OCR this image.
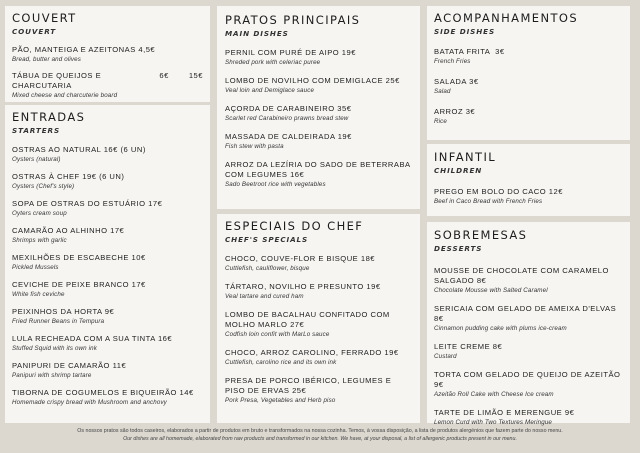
COUVERT
COUVERT
PÃO, MANTEIGA E AZEITONAS 4,5€
Bread, butter and olives
TÁBUA DE QUEIJOS E CHARCUTARIA
6€	15€
Mixed cheese and charcuterie board
ENTRADAS
STARTERS
OSTRAS AO NATURAL 16€ (6 UN)
Oysters (natural)
OSTRAS À CHEF 19€ (6 UN)
Oysters (Chef's style)
SOPA DE OSTRAS DO ESTUÁRIO 17€
Oyters cream soup
CAMARÃO AO ALHINHO 17€
Shrimps with garlic
MEXILHÕES DE ESCABECHE 10€
Pickled Mussels
CEVICHE DE PEIXE BRANCO 17€
White fish ceviche
PEIXINHOS DA HORTA 9€
Fried Runner Beans in Tempura
LULA RECHEADA COM A SUA TINTA 16€
Stuffed Squid with its own ink
PANIPURI DE CAMARÃO 11€
Panipuri with shrimp tartare
TIBORNA DE COGUMELOS E BIQUEIRÃO 14€
Homemade crispy bread with Mushroom and anchovy
PRATOS PRINCIPAIS
MAIN DISHES
PERNIL COM PURÉ DE AIPO 19€
Shreded pork with celeriac puree
LOMBO DE NOVILHO COM DEMIGLACE 25€
Veal loin and Demiglace sauce
AÇORDA DE CARABINEIRO 35€
Scarlet red Carabineiro prawns bread stew
MASSADA DE CALDEIRADA 19€
Fish stew with pasta
ARROZ DA LEZÍRIA DO SADO DE BETERRABA COM LEGUMES 16€
Sado Beetroot rice with vegetables
ESPECIAIS DO CHEF
CHEF'S SPECIALS
CHOCO, COUVE-FLOR E BISQUE 18€
Cuttlefish, cauliflower, bisque
TÁRTARO, NOVILHO E PRESUNTO 19€
Veal tartare and cured ham
LOMBO DE BACALHAU CONFITADO COM MOLHO MARLO 27€
Codfish loin confit with MarLo sauce
CHOCO, ARROZ CAROLINO, FERRADO 19€
Cuttlefish, carolino rice and its own ink
PRESA DE PORCO IBÉRICO, LEGUMES E PISO DE ERVAS 25€
Pork Presa, Vegetables and Herb piso
ACOMPANHAMENTOS
SIDE DISHES
BATATA FRITA  3€
French Fries
SALADA 3€
Salad
ARROZ 3€
Rice
INFANTIL
CHILDREN
PREGO EM BOLO DO CACO 12€
Beef in Caco Bread with French Fries
SOBREMESAS
DESSERTS
MOUSSE DE CHOCOLATE COM CARAMELO SALGADO 8€
Chocolate Mousse with Salted Caramel
SERICAIA COM GELADO DE AMEIXA D'ELVAS 8€
Cinnamon pudding cake with plums ice-cream
LEITE CREME 8€
Custard
TORTA COM GELADO DE QUEIJO DE AZEITÃO 9€
Azeitão Roll Cake with Cheese Ice cream
TARTE DE LIMÃO E MERENGUE 9€
Lemon Curd with Two Textures Meringue
Os nossos pratos são todos caseiros, elaborados a partir de produtos em bruto e transformados na nossa cozinha. Temos, à vossa disposição, a lista de produtos alergénios que fazem parte do nosso menu.
Our dishes are all homemade, elaborated from raw products and transformed in our kitchen. We have, at your disposal, a list of allergenic products present in our menu.
